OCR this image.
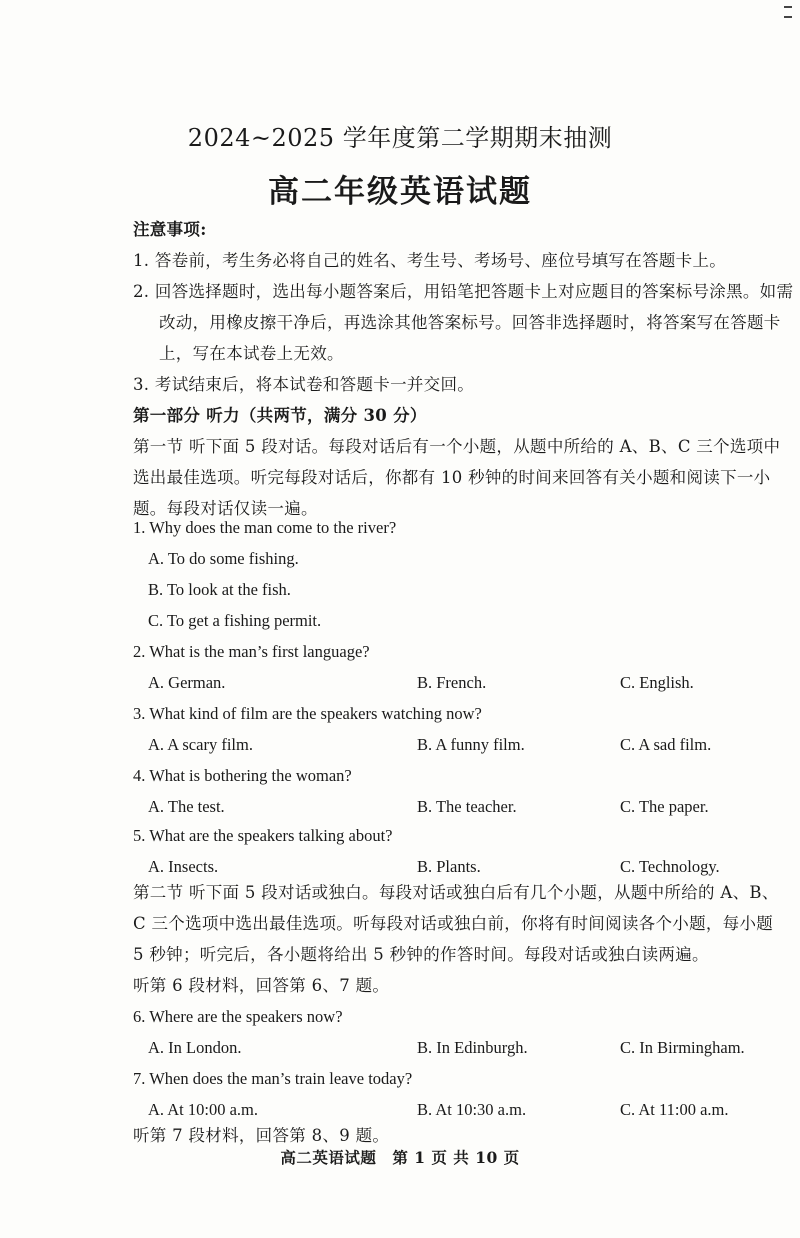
2024~2025 学年度第二学期期末抽测
高二年级英语试题
注意事项:
1. 答卷前，考生务必将自己的姓名、考生号、考场号、座位号填写在答题卡上。
2. 回答选择题时，选出每小题答案后，用铅笔把答题卡上对应题目的答案标号涂黑。如需改动，用橡皮擦干净后，再选涂其他答案标号。回答非选择题时，将答案写在答题卡上，写在本试卷上无效。
3. 考试结束后，将本试卷和答题卡一并交回。
第一部分 听力（共两节，满分 30 分）
第一节 听下面 5 段对话。每段对话后有一个小题，从题中所给的 A、B、C 三个选项中选出最佳选项。听完每段对话后，你都有 10 秒钟的时间来回答有关小题和阅读下一小题。每段对话仅读一遍。
1. Why does the man come to the river?
A. To do some fishing.
B. To look at the fish.
C. To get a fishing permit.
2. What is the man’s first language?
A. German.	B. French.	C. English.
3. What kind of film are the speakers watching now?
A. A scary film.	B. A funny film.	C. A sad film.
4. What is bothering the woman?
A. The test.	B. The teacher.	C. The paper.
5. What are the speakers talking about?
A. Insects.	B. Plants.	C. Technology.
第二节 听下面 5 段对话或独白。每段对话或独白后有几个小题，从题中所给的 A、B、C 三个选项中选出最佳选项。听每段对话或独白前，你将有时间阅读各个小题，每小题 5 秒钟；听完后，各小题将给出 5 秒钟的作答时间。每段对话或独白读两遍。
听第 6 段材料，回答第 6、7 题。
6. Where are the speakers now?
A. In London.	B. In Edinburgh.	C. In Birmingham.
7. When does the man’s train leave today?
A. At 10:00 a.m.	B. At 10:30 a.m.	C. At 11:00 a.m.
听第 7 段材料，回答第 8、9 题。
高二英语试题　第 1 页 共 10 页
